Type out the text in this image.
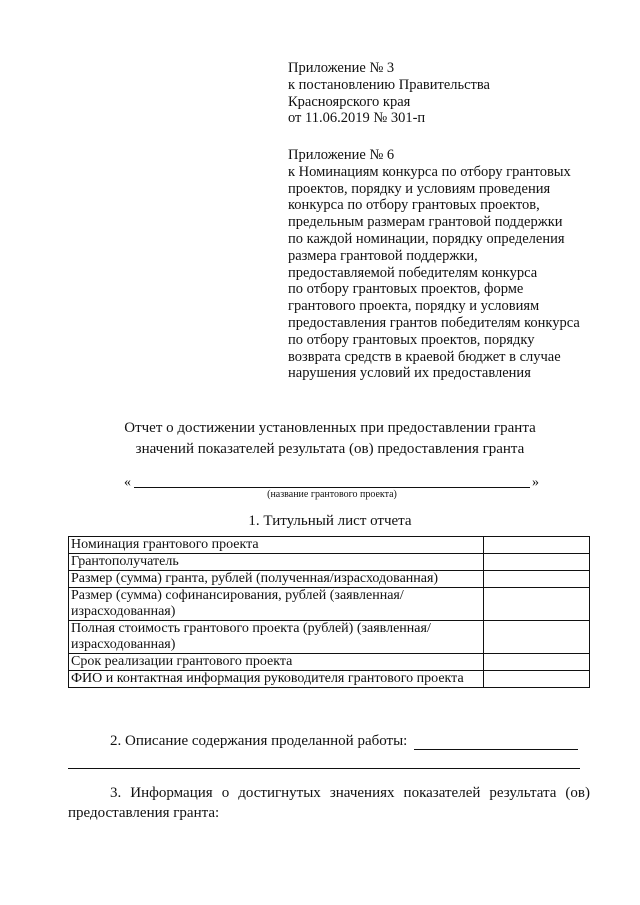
Приложение № 3
к постановлению Правительства
Красноярского края
от 11.06.2019 № 301-п
Приложение № 6
к Номинациям конкурса по отбору грантовых
проектов, порядку и условиям проведения
конкурса по отбору грантовых проектов,
предельным размерам грантовой поддержки
по каждой номинации, порядку определения
размера грантовой поддержки,
предоставляемой победителям конкурса
по отбору грантовых проектов, форме
грантового проекта, порядку и условиям
предоставления грантов победителям конкурса
по отбору грантовых проектов, порядку
возврата средств в краевой бюджет в случае
нарушения условий их предоставления
Отчет о достижении установленных при предоставлении гранта
значений показателей результата (ов) предоставления гранта
«	»
(название грантового проекта)
1. Титульный лист отчета
Номинация грантового проекта	
Грантополучатель	
Размер (сумма) гранта, рублей (полученная/израсходованная)	
Размер (сумма) софинансирования, рублей (заявленная/израсходованная)	
Полная стоимость грантового проекта (рублей) (заявленная/израсходованная)	
Срок реализации грантового проекта	
ФИО и контактная информация руководителя грантового проекта	
2. Описание содержания проделанной работы:
3. Информация о достигнутых значениях показателей результата (ов)
предоставления гранта:
